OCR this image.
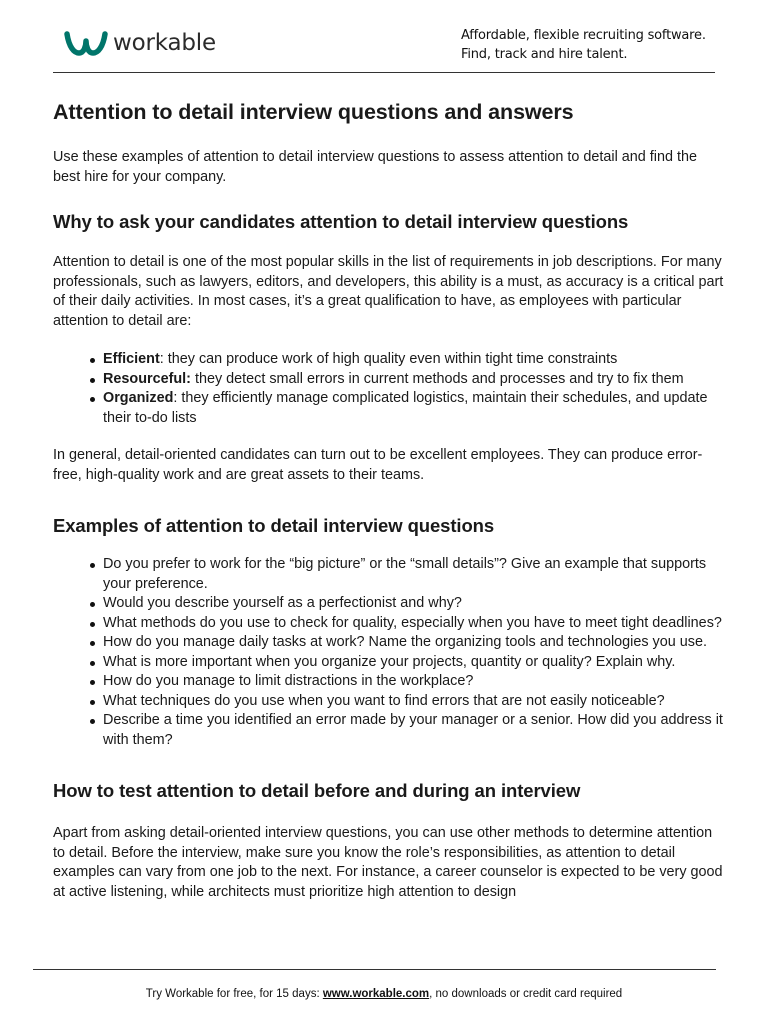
workable	Affordable, flexible recruiting software.
Find, track and hire talent.
Attention to detail interview questions and answers

Use these examples of attention to detail interview questions to assess attention to detail and find the best hire for your company.

Why to ask your candidates attention to detail interview questions

Attention to detail is one of the most popular skills in the list of requirements in job descriptions. For many professionals, such as lawyers, editors, and developers, this ability is a must, as accuracy is a critical part of their daily activities. In most cases, it’s a great qualification to have, as employees with particular attention to detail are:

Efficient: they can produce work of high quality even within tight time constraints
Resourceful: they detect small errors in current methods and processes and try to fix them
Organized: they efficiently manage complicated logistics, maintain their schedules, and update their to-do lists

In general, detail-oriented candidates can turn out to be excellent employees. They can produce error-free, high-quality work and are great assets to their teams.

Examples of attention to detail interview questions
Do you prefer to work for the “big picture” or the “small details”? Give an example that supports your preference.
Would you describe yourself as a perfectionist and why?
What methods do you use to check for quality, especially when you have to meet tight deadlines?
How do you manage daily tasks at work? Name the organizing tools and technologies you use.
What is more important when you organize your projects, quantity or quality? Explain why.
How do you manage to limit distractions in the workplace?
What techniques do you use when you want to find errors that are not easily noticeable?
Describe a time you identified an error made by your manager or a senior. How did you address it with them?
How to test attention to detail before and during an interview

Apart from asking detail-oriented interview questions, you can use other methods to determine attention to detail. Before the interview, make sure you know the role’s responsibilities, as attention to detail examples can vary from one job to the next. For instance, a career counselor is expected to be very good at active listening, while architects must prioritize high attention to design

Try Workable for free, for 15 days: www.workable.com, no downloads or credit card required
